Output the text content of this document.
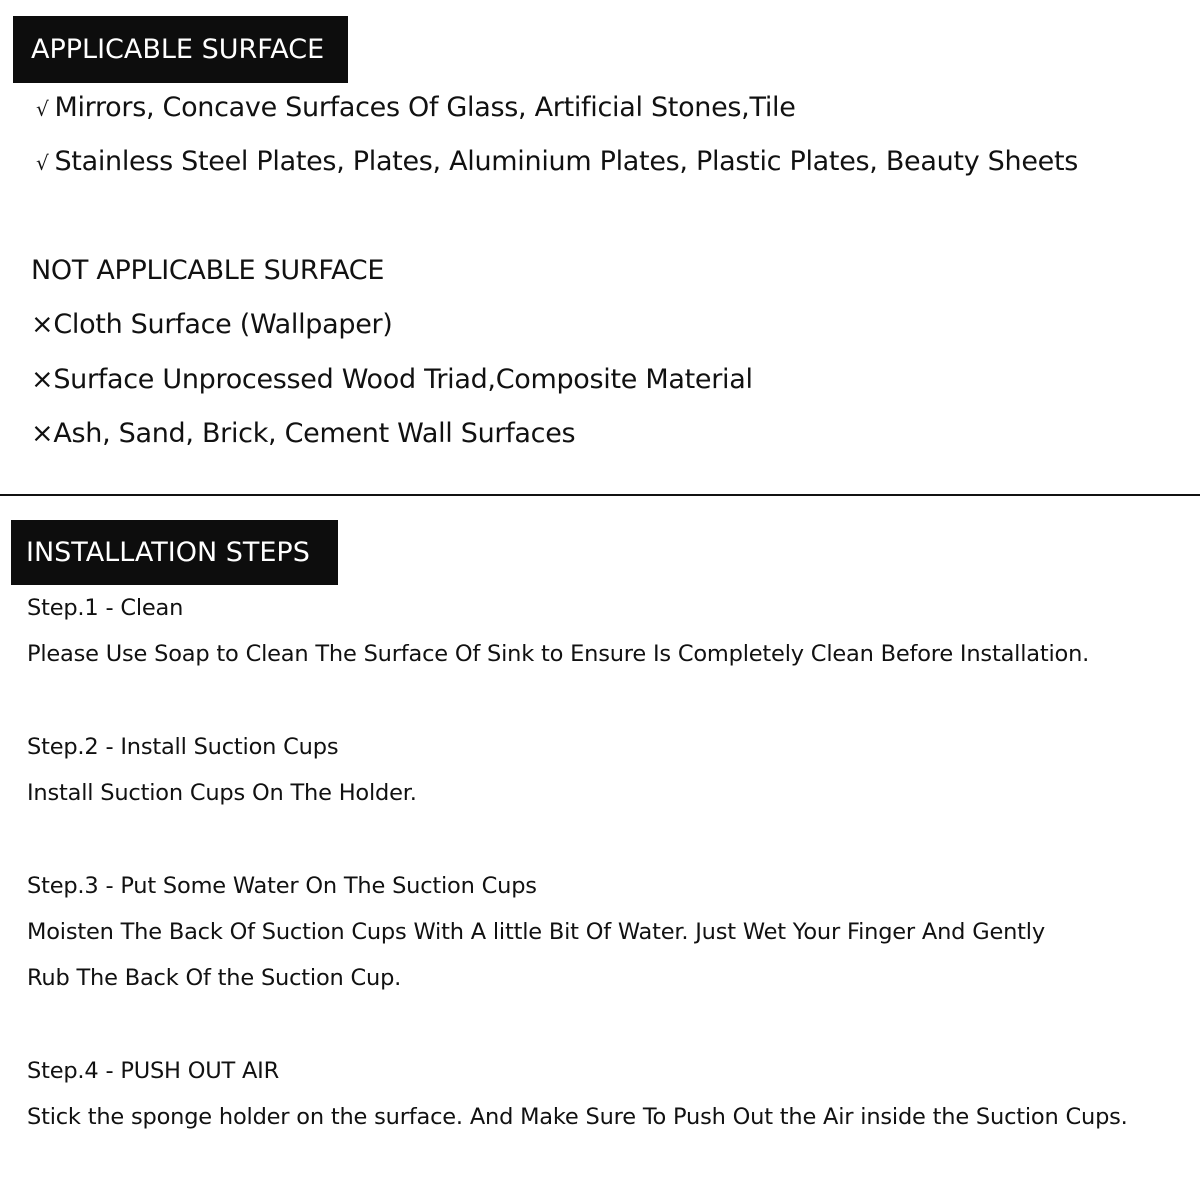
APPLICABLE SURFACE
√ Mirrors, Concave Surfaces Of Glass, Artificial Stones,Tile
√ Stainless Steel Plates, Plates, Aluminium Plates, Plastic Plates, Beauty Sheets
NOT APPLICABLE SURFACE
×Cloth Surface (Wallpaper)
×Surface Unprocessed Wood Triad,Composite Material
×Ash, Sand, Brick, Cement Wall Surfaces
INSTALLATION STEPS
Step.1 - Clean
Please Use Soap to Clean The Surface Of Sink to Ensure Is Completely Clean Before Installation.
Step.2 - Install Suction Cups
Install Suction Cups On The Holder.
Step.3 - Put Some Water On The Suction Cups
Moisten The Back Of Suction Cups With A little Bit Of Water. Just Wet Your Finger And Gently
Rub The Back Of the Suction Cup.
Step.4 - PUSH OUT AIR
Stick the sponge holder on the surface. And Make Sure To Push Out the Air inside the Suction Cups.
